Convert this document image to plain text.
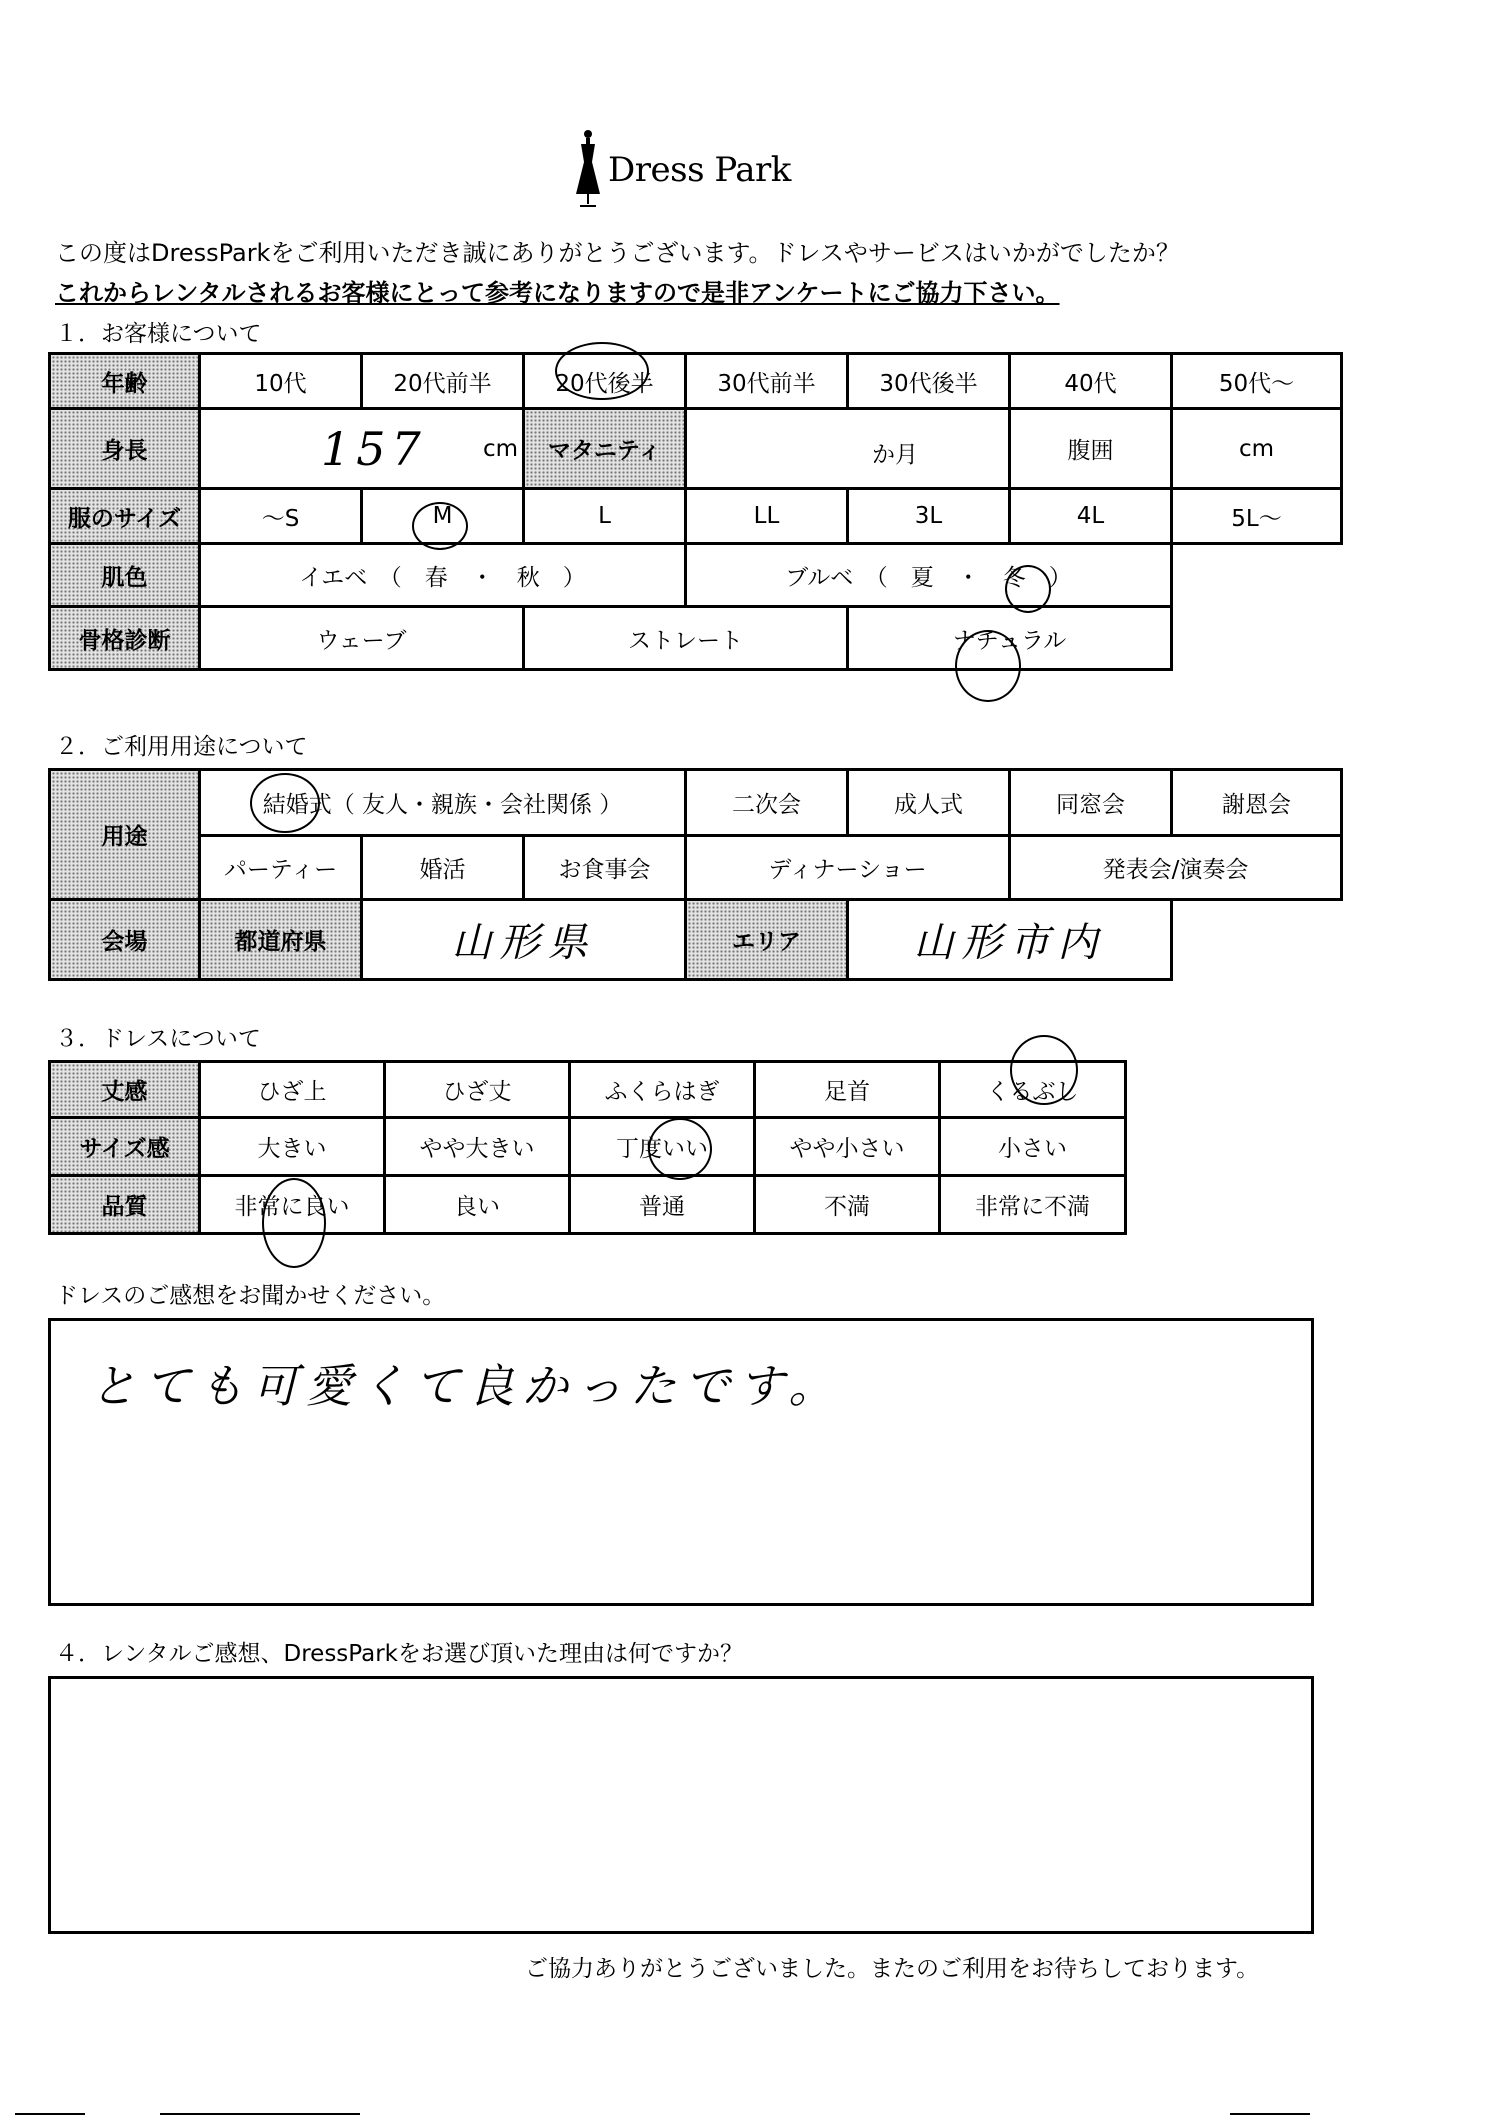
Dress Park
この度はDressParkをご利用いただき誠にありがとうございます。ドレスやサービスはいかがでしたか？
これからレンタルされるお客様にとって参考になりますので是非アンケートにご協力下さい。
１．お客様について
年齢	10代	20代前半	20代後半	30代前半	30代後半	40代	50代～
身長	157 cm		マタニティ	か月		腹囲	cm
服のサイズ	～S	M	L	LL	3L	4L	5L～
肌色	イエベ　（　春　・　秋　）			ブルベ　（　夏　・　冬　）			
骨格診断	ウェーブ		ストレート		ナチュラル		
２．ご利用用途について
用途	結婚式（ 友人・親族・会社関係 ）			二次会	成人式	同窓会	謝恩会
	パーティー	婚活	お食事会	ディナーショー		発表会/演奏会	
会場	都道府県	山形県		エリア	山形市内		
３．ドレスについて
丈感	ひざ上	ひざ丈	ふくらはぎ	足首	くるぶし
サイズ感	大きい	やや大きい	丁度いい	やや小さい	小さい
品質	非常に良い	良い	普通	不満	非常に不満
ドレスのご感想をお聞かせください。
とても可愛くて良かったです。
４．レンタルご感想、DressParkをお選び頂いた理由は何ですか？
ご協力ありがとうございました。またのご利用をお待ちしております。
